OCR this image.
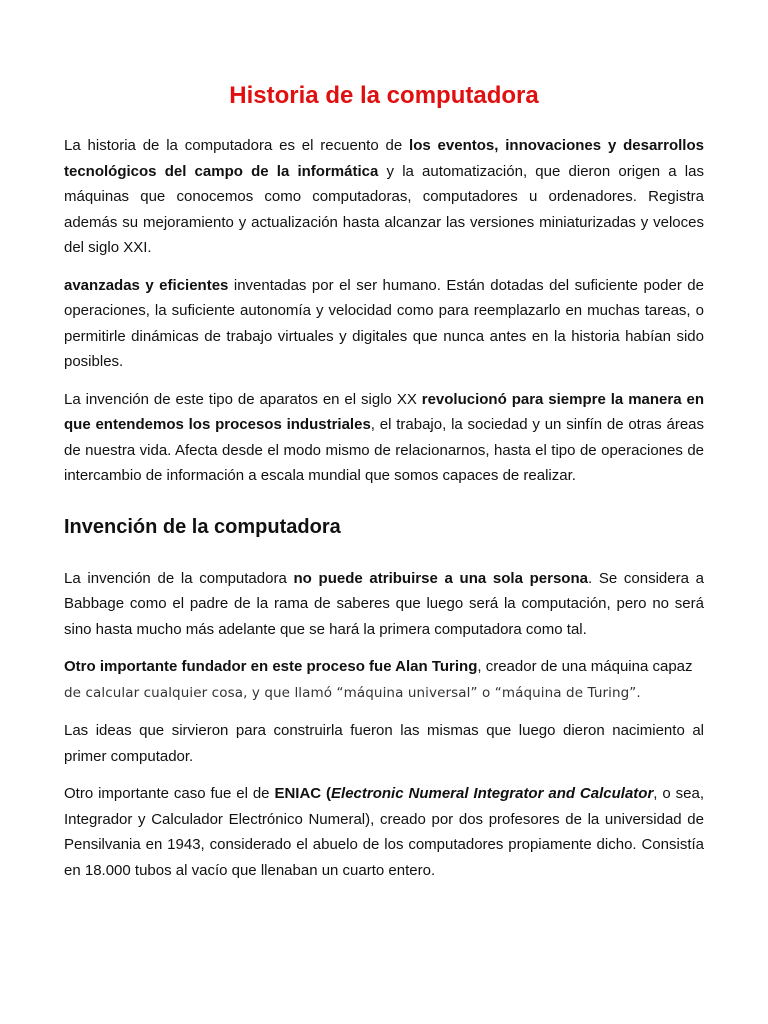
Historia de la computadora

La historia de la computadora es el recuento de los eventos, innovaciones y desarrollos tecnológicos del campo de la informática y la automatización, que dieron origen a las máquinas que conocemos como computadoras, computadores u ordenadores. Registra además su mejoramiento y actualización hasta alcanzar las versiones miniaturizadas y veloces del siglo XXI.

avanzadas y eficientes inventadas por el ser humano. Están dotadas del suficiente poder de operaciones, la suficiente autonomía y velocidad como para reemplazarlo en muchas tareas, o permitirle dinámicas de trabajo virtuales y digitales que nunca antes en la historia habían sido posibles.

La invención de este tipo de aparatos en el siglo XX revolucionó para siempre la manera en que entendemos los procesos industriales, el trabajo, la sociedad y un sinfín de otras áreas de nuestra vida. Afecta desde el modo mismo de relacionarnos, hasta el tipo de operaciones de intercambio de información a escala mundial que somos capaces de realizar.

Invención de la computadora

La invención de la computadora no puede atribuirse a una sola persona. Se considera a Babbage como el padre de la rama de saberes que luego será la computación, pero no será sino hasta mucho más adelante que se hará la primera computadora como tal.

Otro importante fundador en este proceso fue Alan Turing, creador de una máquina capaz
de calcular cualquier cosa, y que llamó “máquina universal” o “máquina de Turing”.

Las ideas que sirvieron para construirla fueron las mismas que luego dieron nacimiento al primer computador.

Otro importante caso fue el de ENIAC (Electronic Numeral Integrator and Calculator, o sea, Integrador y Calculador Electrónico Numeral), creado por dos profesores de la universidad de Pensilvania en 1943, considerado el abuelo de los computadores propiamente dicho. Consistía en 18.000 tubos al vacío que llenaban un cuarto entero.
